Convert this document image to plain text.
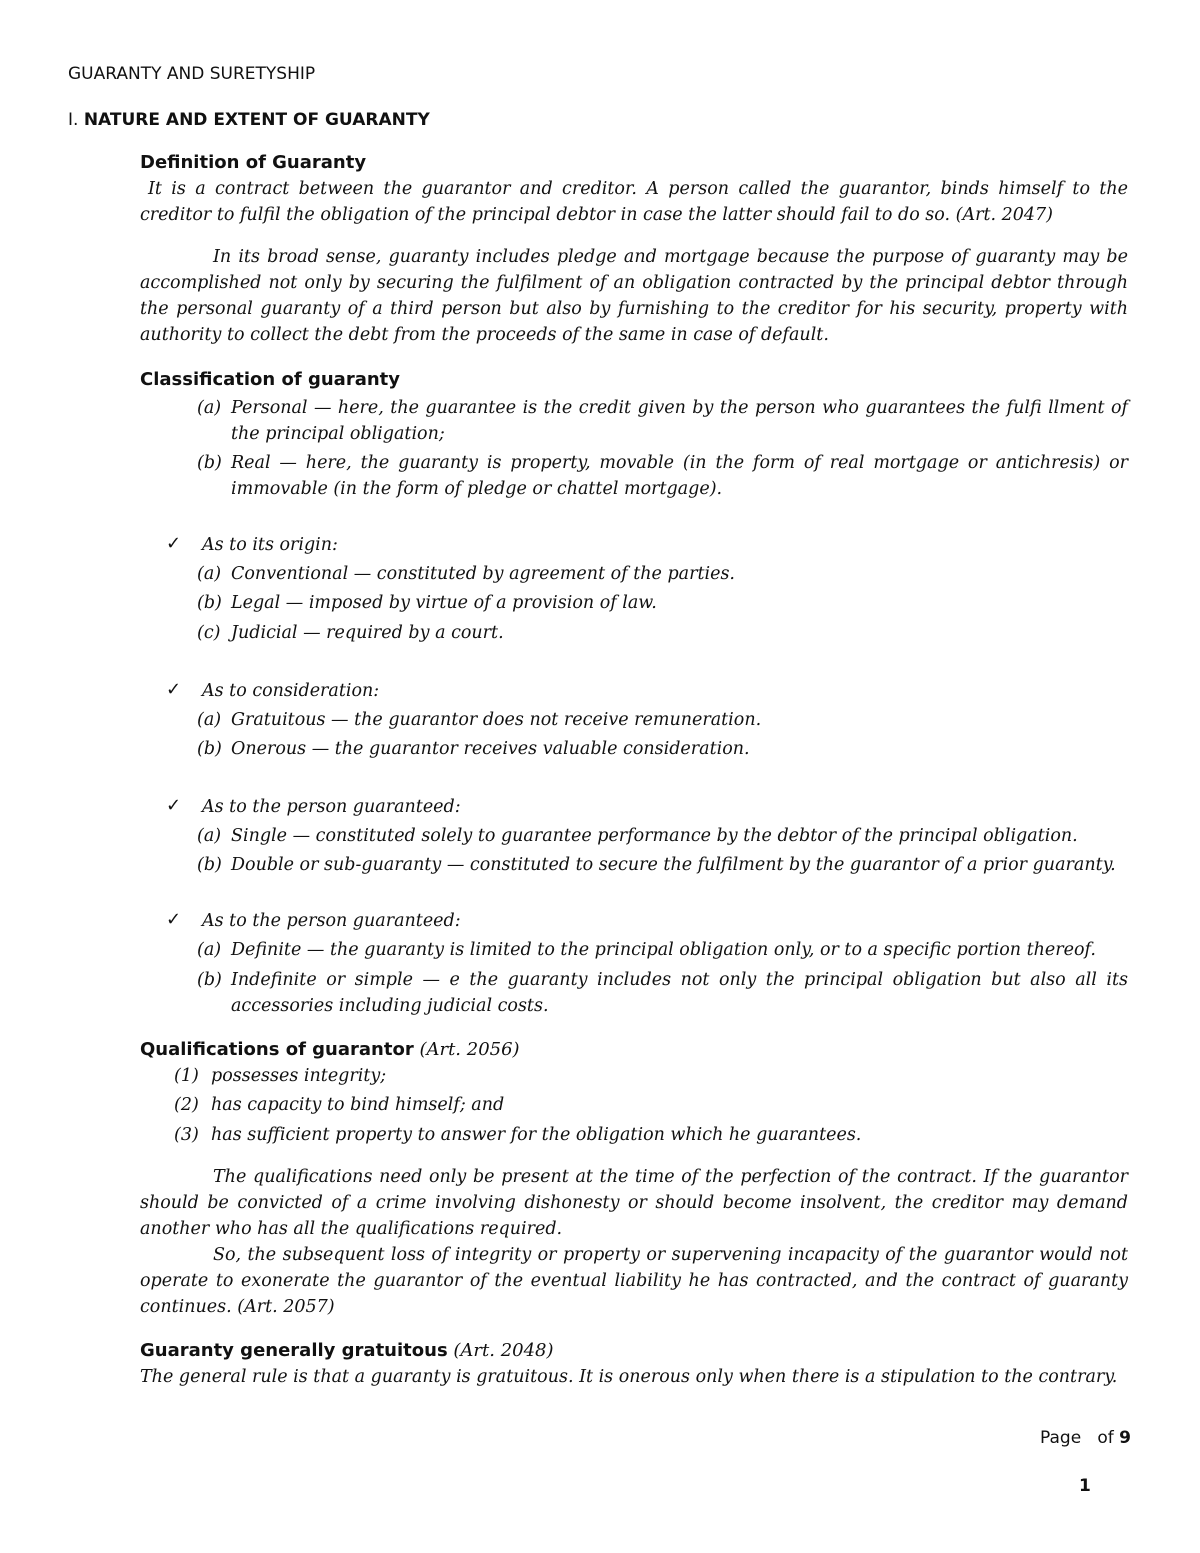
GUARANTY AND SURETYSHIP
I. NATURE AND EXTENT OF GUARANTY
Definition of Guaranty
It is a contract between the guarantor and creditor. A person called the guarantor, binds himself to the
creditor to fulfil the obligation of the principal debtor in case the latter should fail to do so. (Art. 2047)
In its broad sense, guaranty includes pledge and mortgage because the purpose of guaranty may be
accomplished not only by securing the fulfilment of an obligation contracted by the principal debtor through
the personal guaranty of a third person but also by furnishing to the creditor for his security, property with
authority to collect the debt from the proceeds of the same in case of default.
Classification of guaranty
(a) Personal — here, the guarantee is the credit given by the person who guarantees the fulfi llment of
the principal obligation;
(b) Real — here, the guaranty is property, movable (in the form of real mortgage or antichresis) or
immovable (in the form of pledge or chattel mortgage).
✓ As to its origin:
(a) Conventional — constituted by agreement of the parties.
(b) Legal — imposed by virtue of a provision of law.
(c) Judicial — required by a court.
✓ As to consideration:
(a) Gratuitous — the guarantor does not receive remuneration.
(b) Onerous — the guarantor receives valuable consideration.
✓ As to the person guaranteed:
(a) Single — constituted solely to guarantee performance by the debtor of the principal obligation.
(b) Double or sub-guaranty — constituted to secure the fulfilment by the guarantor of a prior guaranty.
✓ As to the person guaranteed:
(a) Definite — the guaranty is limited to the principal obligation only, or to a specific portion thereof.
(b) Indefinite or simple — e the guaranty includes not only the principal obligation but also all its
accessories including judicial costs.
Qualifications of guarantor (Art. 2056)
(1) possesses integrity;
(2) has capacity to bind himself; and
(3) has sufficient property to answer for the obligation which he guarantees.
The qualifications need only be present at the time of the perfection of the contract. If the guarantor
should be convicted of a crime involving dishonesty or should become insolvent, the creditor may demand
another who has all the qualifications required.
So, the subsequent loss of integrity or property or supervening incapacity of the guarantor would not
operate to exonerate the guarantor of the eventual liability he has contracted, and the contract of guaranty
continues. (Art. 2057)
Guaranty generally gratuitous (Art. 2048)
The general rule is that a guaranty is gratuitous. It is onerous only when there is a stipulation to the contrary.
Page of 9
1
